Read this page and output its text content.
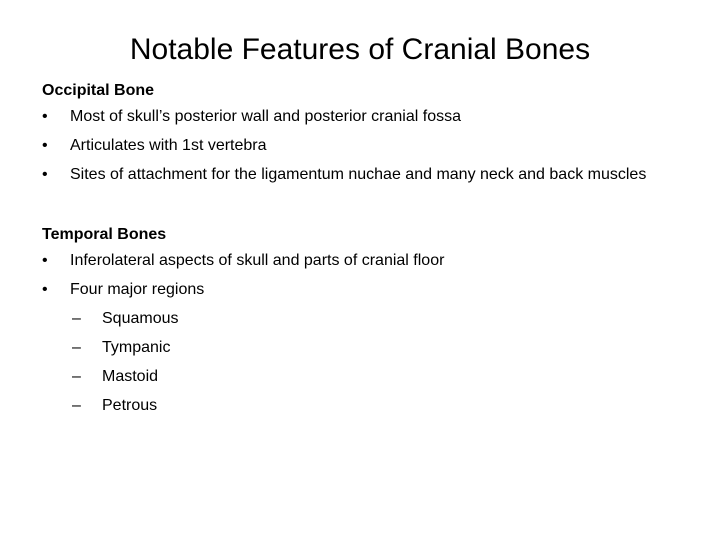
Notable Features of Cranial Bones

Occipital Bone

• Most of skull’s posterior wall and posterior cranial fossa
• Articulates with 1st vertebra
• Sites of attachment for the ligamentum nuchae and many neck and back muscles

Temporal Bones

• Inferolateral aspects of skull and parts of cranial floor
• Four major regions
– Squamous
– Tympanic
– Mastoid
– Petrous
